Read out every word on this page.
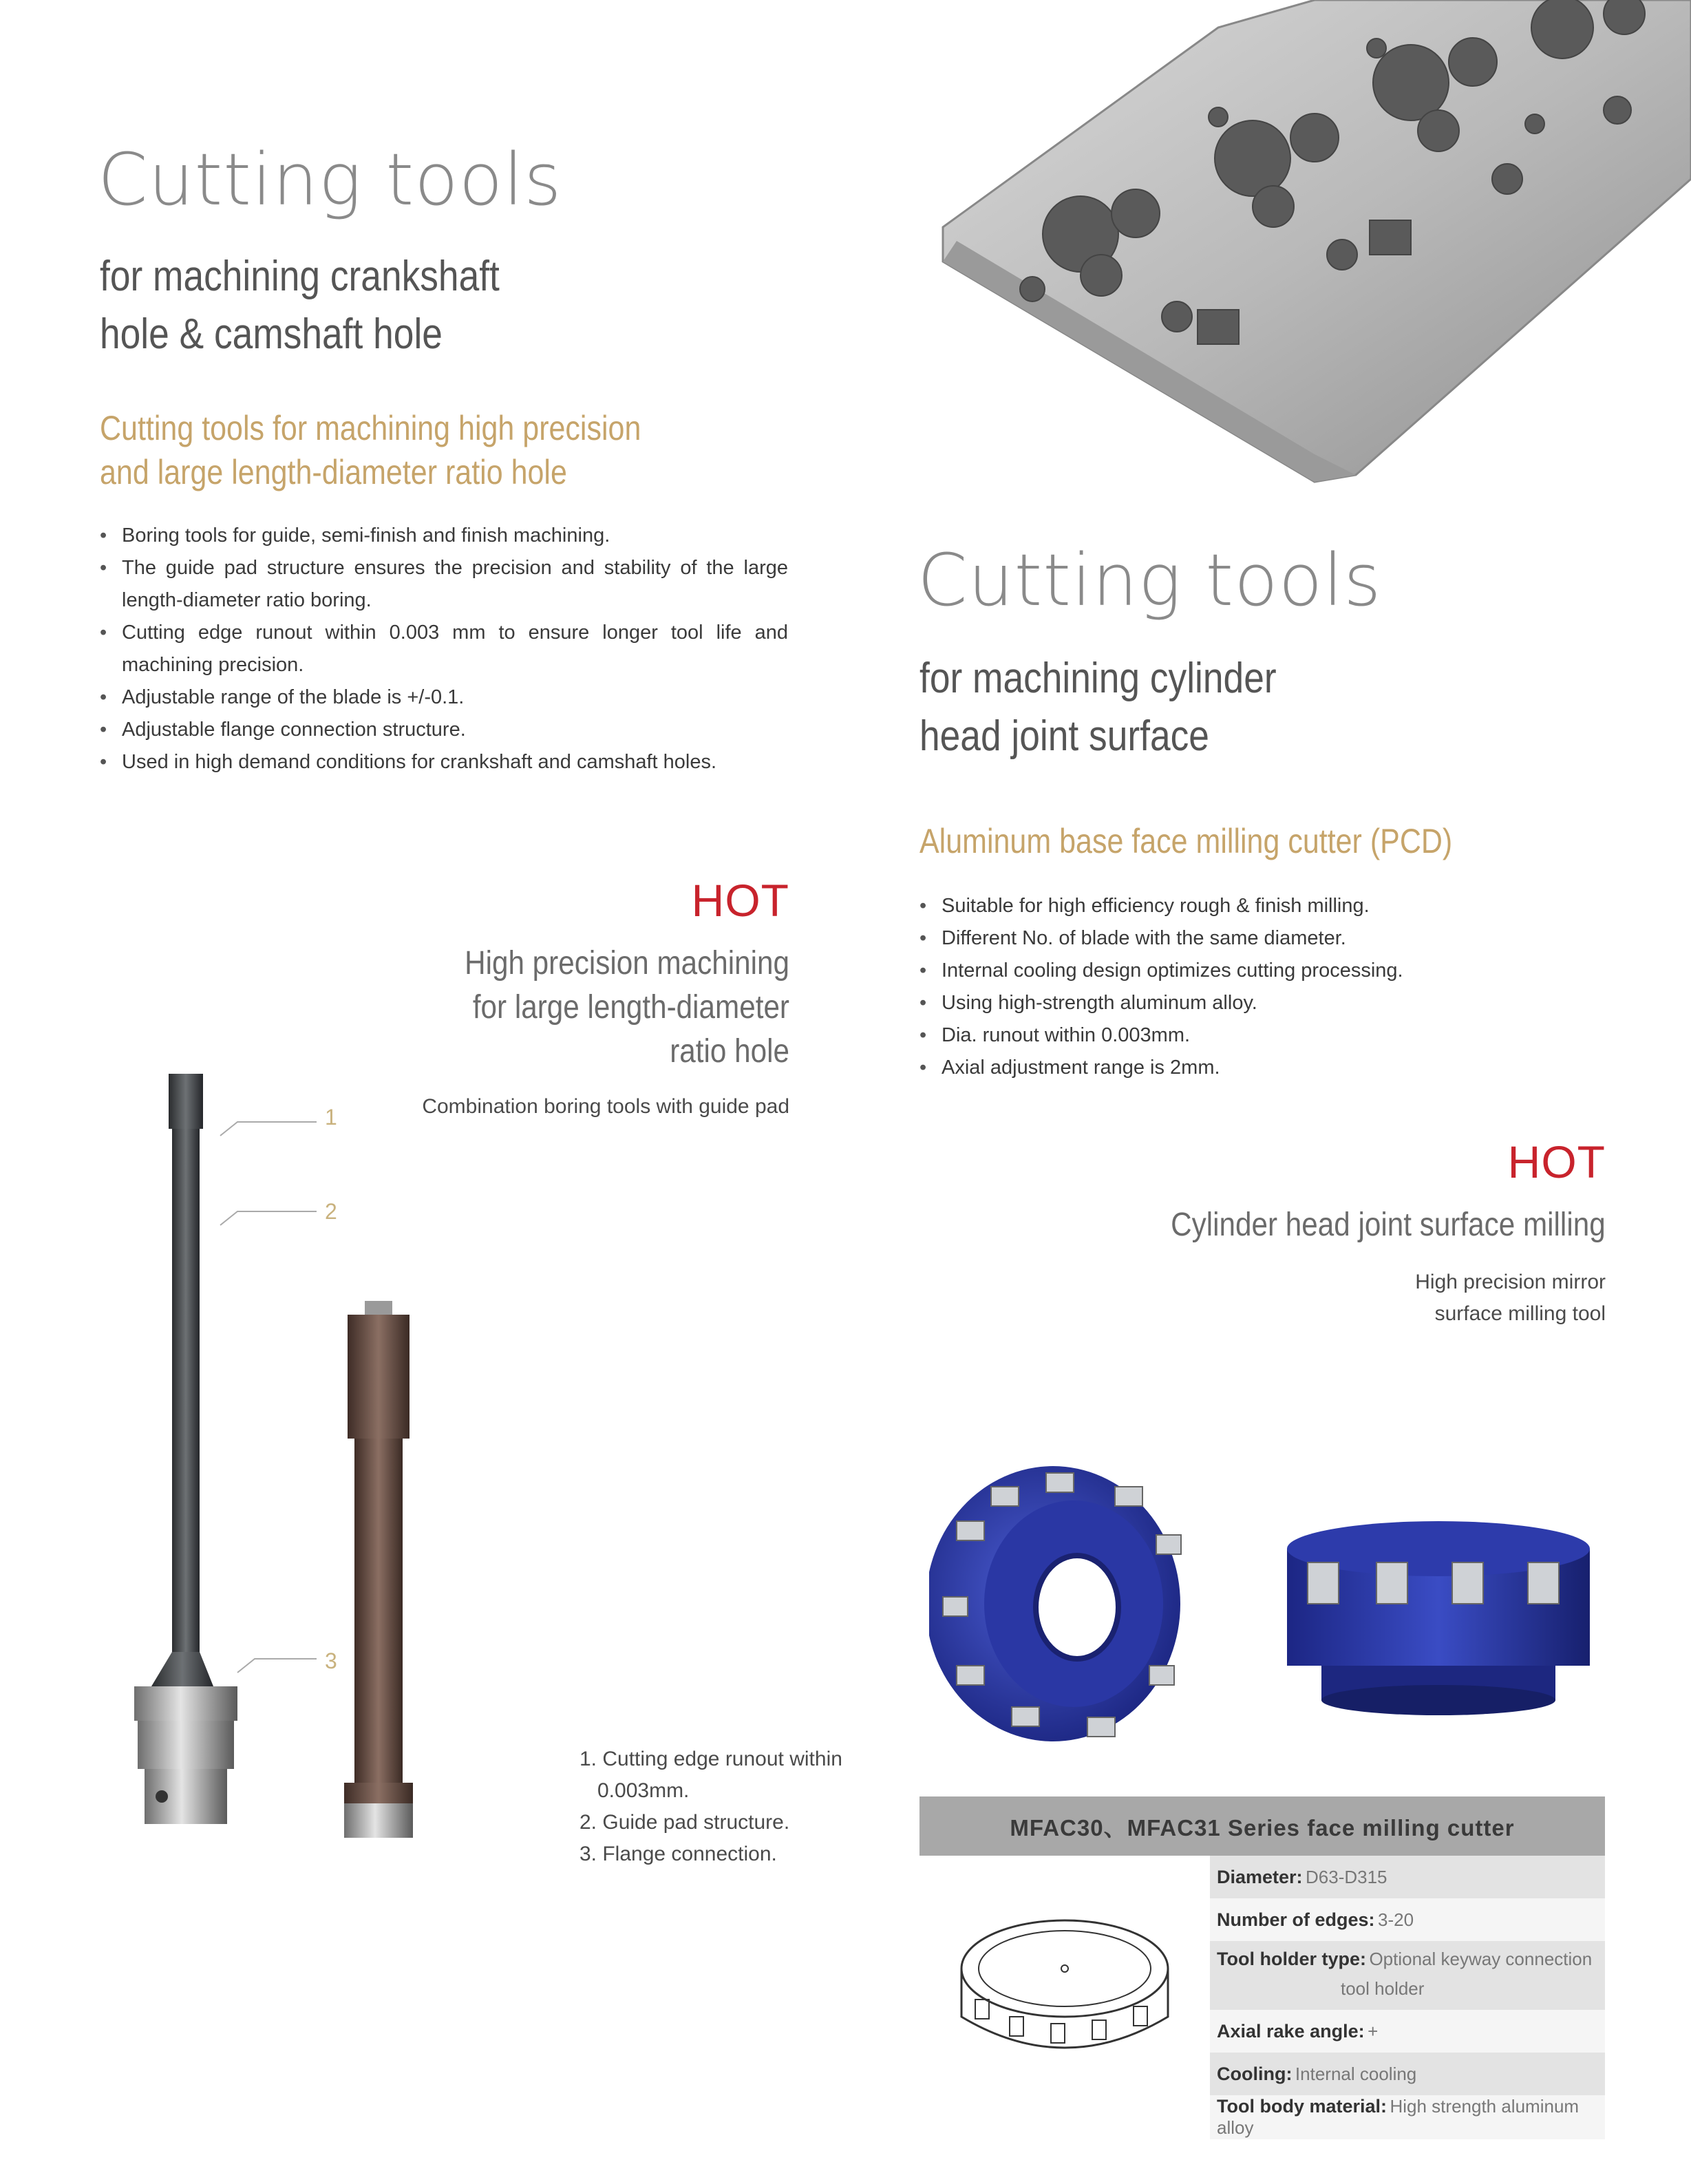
Cutting tools
for machining crankshaft
hole & camshaft hole
Cutting tools for machining high precision
and large length-diameter ratio hole
• Boring tools for guide, semi-finish and finish machining.
• The guide pad structure ensures the precision and stability of the large length-diameter ratio boring.
• Cutting edge runout within 0.003 mm to ensure longer tool life and machining precision.
• Adjustable range of the blade is +/-0.1.
• Adjustable flange connection structure.
• Used in high demand conditions for crankshaft and camshaft holes.
HOT
High precision machining
for large length-diameter
ratio hole
Combination boring tools with guide pad
1
2
3
1. Cutting edge runout within
0.003mm.
2. Guide pad structure.
3. Flange connection.
Cutting tools
for machining cylinder
head joint surface
Aluminum base face milling cutter (PCD)
• Suitable for high efficiency rough & finish milling.
• Different No. of blade with the same diameter.
• Internal cooling design optimizes cutting processing.
• Using high-strength aluminum alloy.
• Dia. runout within 0.003mm.
• Axial adjustment range is 2mm.
HOT
Cylinder head joint surface milling
High precision mirror
surface milling tool
MFAC30、MFAC31 Series face milling cutter
	Diameter: D63-D315
Number of edges: 3-20
Tool holder type: Optional keyway connection
tool holder
Axial rake angle: +
Cooling: Internal cooling
Tool body material: High strength aluminum alloy
